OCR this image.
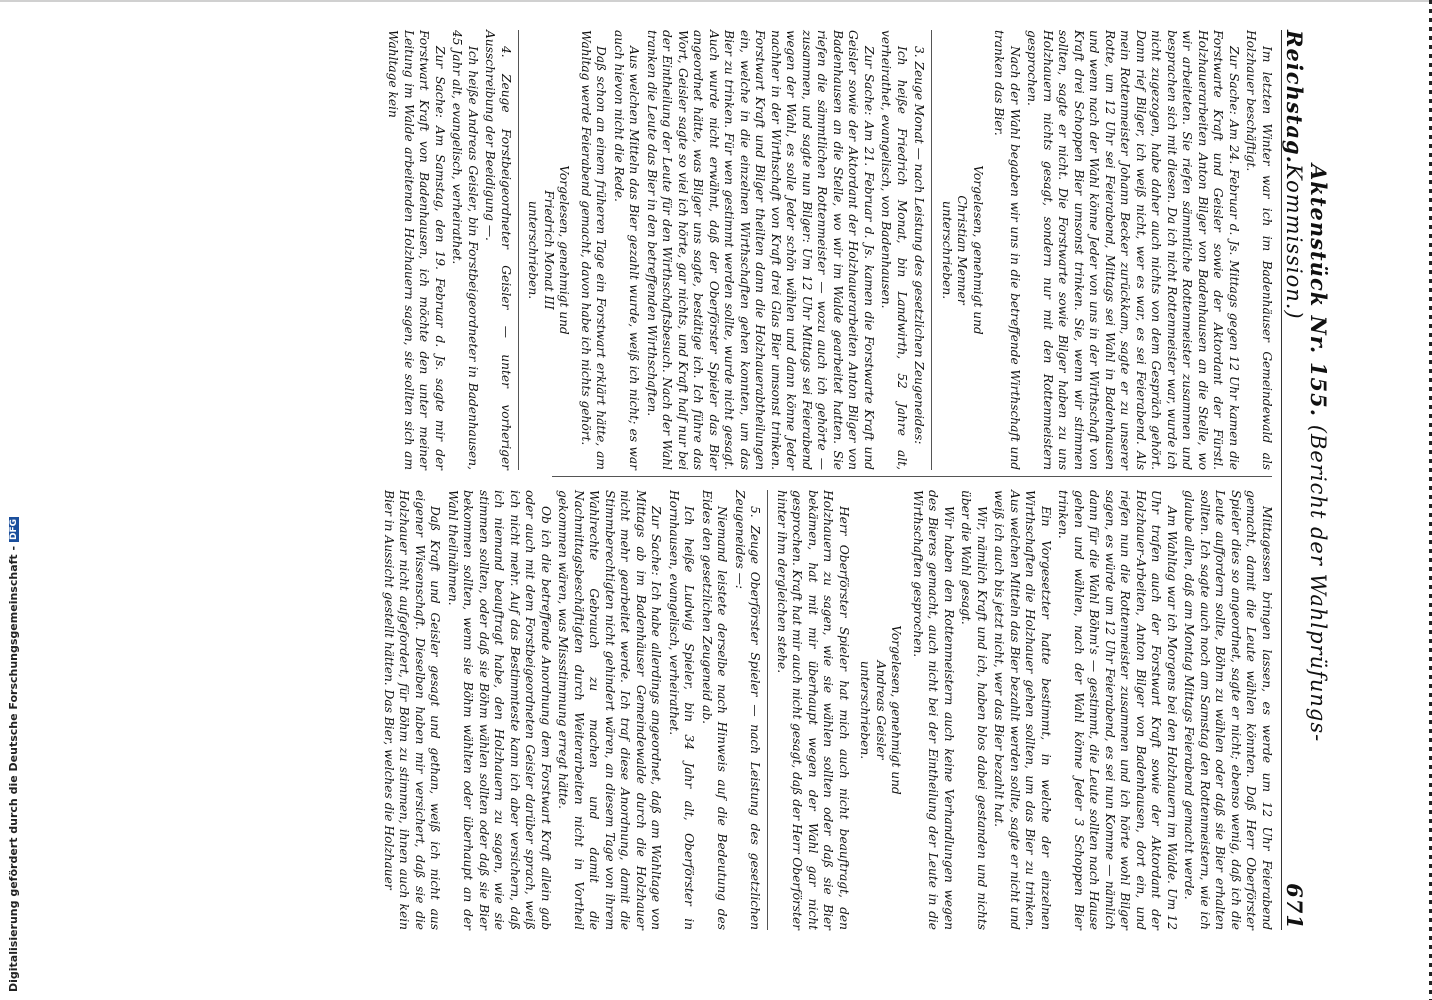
Digitalisierung gefördert durch die Deutsche Forschungsgemeinschaft -DFG
Reichstag.
Aktenstück Nr. 155. (Bericht der Wahlprüfungs-Kommission.)
671

Im letzten Winter war ich im Badenhäuser Gemeindewald als Holzhauer beschäftigt.

Zur Sache: Am 24. Februar d. Js. Mittags gegen 12 Uhr kamen die Forstwarte Kraft und Geisler sowie der Aktordant der Fürstl. Holzhauerarbeiten Anton Bilger von Badenhausen an die Stelle, wo wir arbeiteten. Sie riefen sämmtliche Rottenmeister zusammen und besprachen sich mit diesen. Da ich nicht Rottenmeister war, wurde ich nicht zugezogen, habe daher auch nichts von dem Gespräch gehört. Dann rief Bilger, ich weiß nicht, wer es war, es sei Feierabend. Als mein Rottenmeister Johann Becker zurückkam, sagte er zu unserer Rotte, um 12 Uhr sei Feierabend, Mittags sei Wahl in Badenhausen und wenn nach der Wahl könne Jeder von uns in der Wirthschaft von Kraft drei Schoppen Bier umsonst trinken. Sie, wenn wir stimmen sollten, sagte er nicht. Die Forstwarte sowie Bilger haben zu uns Holzhauern nichts gesagt, sondern nur mit den Rottenmeistern gesprochen.

Nach der Wahl begaben wir uns in die betreffende Wirthschaft und tranken das Bier.

Vorgelesen, genehmigt und
Christian Menner
unterschrieben.

3. Zeuge Monat — nach Leistung des gesetzlichen Zeugeneides:

Ich heiße Friedrich Monat, bin Landwirth, 52 Jahre alt, verheirathet, evangelisch, von Badenhausen.

Zur Sache: Am 21. Februar d. Js. kamen die Forstwarte Kraft und Geisler sowie der Aktordant der Holzhauerarbeiten Anton Bilger von Badenhausen an die Stelle, wo wir im Walde gearbeitet hatten. Sie riefen die sämmtlichen Rottenmeister — wozu auch ich gehörte — zusammen, und sagte nun Bilger: Um 12 Uhr Mittags sei Feierabend wegen der Wahl, es solle Jeder schön wählen und dann könne Jeder nachher in der Wirthschaft von Kraft drei Glas Bier umsonst trinken. Forstwart Kraft und Bilger theilten dann die Holzhauerabtheilungen ein, welche in die einzelnen Wirthschaften gehen konnten, um das Bier zu trinken. Für wen gestimmt werden sollte, wurde nicht gesagt. Auch wurde nicht erwähnt, daß der Oberförster Spieler das Bier angeordnet hätte, was Bilger uns sagte, bestätige ich. Ich führe das Wort, Geisler sagte so viel ich hörte, gar nichts, und Kraft half nur bei der Eintheilung der Leute für den Wirthschaftsbesuch. Nach der Wahl tranken die Leute das Bier in den betreffenden Wirthschaften.

Aus welchen Mitteln das Bier gezahlt wurde, weiß ich nicht; es war auch hievon nicht die Rede.

Daß schon an einem früheren Tage ein Forstwart erklärt hätte, am Wahltag werde Feierabend gemacht, davon habe ich nichts gehört.

Vorgelesen, genehmigt und
Friedrich Monat III
unterschrieben.

4. Zeuge Forstbeigeordneter Geisler — unter vorheriger Ausschreibung der Beeidigung —.

Ich heiße Andreas Geisler, bin Forstbeigeordneter in Badenhausen, 45 Jahr alt, evangelisch, verheirathet.

Zur Sache: Am Samstag, den 19. Februar d. Js. sagte mir der Forstwart Kraft von Badenhausen, ich möchte den unter meiner Leitung im Walde arbeitenden Holzhauern sagen, sie sollten sich am Wahltage kein

Mittagessen bringen lassen, es werde um 12 Uhr Feierabend gemacht, damit die Leute wählen könnten. Daß Herr Oberförster Spieler dies so angeordnet, sagte er nicht; ebenso wenig, daß ich die Leute auffordern sollte, Böhm zu wählen oder daß sie Bier erhalten sollten. Ich sagte auch noch am Samstag den Rottenmeistern, wie ich glaube allen, daß am Montag Mittags Feierabend gemacht werde.

Am Wahltag war ich Morgens bei den Holzhauern im Walde. Um 12 Uhr trafen auch der Forstwart Kraft sowie der Aktordant der Holzhauer-Arbeiten, Anton Bilger von Badenhausen, dort ein, und riefen nun die Rottenmeister zusammen und ich hörte wohl Bilger sagen, es würde um 12 Uhr Feierabend, es sei nun Komme — nämlich dann für die Wahl Böhm's — gestimmt, die Leute sollten nach Hause gehen und wählen, nach der Wahl könne Jeder 3 Schoppen Bier trinken.

Ein Vorgesetzter hatte bestimmt, in welche der einzelnen Wirthschaften die Holzhauer gehen sollten, um das Bier zu trinken. Aus welchen Mitteln das Bier bezahlt werden sollte, sagte er nicht und weiß ich auch bis jetzt nicht, wer das Bier bezahlt hat.

Wir, nämlich Kraft und ich, haben blos dabei gestanden und nichts über die Wahl gesagt.

Wir haben den Rottenmeistern auch keine Verhandlungen wegen des Bieres gemacht, auch nicht bei der Eintheilung der Leute in die Wirthschaften gesprochen.

Vorgelesen, genehmigt und
Andreas Geisler
unterschrieben.

Herr Oberförster Spieler hat mich auch nicht beauftragt, den Holzhauern zu sagen, wie sie wählen sollten oder daß sie Bier bekämen, hat mit mir überhaupt wegen der Wahl gar nicht gesprochen. Kraft hat mir auch nicht gesagt, daß der Herr Oberförster hinter ihm dergleichen stehe.

5. Zeuge Oberförster Spieler — nach Leistung des gesetzlichen Zeugeneides —:

Niemand leistete derselbe nach Hinweis auf die Bedeutung des Eides den gesetzlichen Zeugeneid ab.

Ich heiße Ludwig Spieler, bin 34 Jahr alt, Oberförster in Hornhausen, evangelisch, verheirathet.

Zur Sache: Ich habe allerdings angeordnet, daß am Wahltage von Mittags ab im Badenhäuser Gemeindewalde durch die Holzhauer nicht mehr gearbeitet werde. Ich traf diese Anordnung, damit die Stimmberechtigten nicht gehindert wären, an diesem Tage von ihrem Wahlrechte Gebrauch zu machen und damit die Nachmittagsbeschäftigten durch Weiterarbeiten nicht in Vortheil gekommen wären, was Missstimmung erregt hätte.

Ob ich die betreffende Anordnung dem Forstwart Kraft allein gab oder auch mit dem Forstbeigeordneten Geisler darüber sprach, weiß ich nicht mehr. Auf das Bestimmteste kann ich aber versichern, daß ich niemand beauftragt habe, den Holzhauern zu sagen, wie sie stimmen sollten, oder daß sie Böhm wählen sollten oder daß sie Bier bekommen sollten, wenn sie Böhm wählten oder überhaupt an der Wahl theilnähmen.

Daß Kraft und Geisler gesagt und gethan, weiß ich nicht aus eigener Wissenschaft. Dieselben haben mir versichert, daß sie die Holzhauer nicht aufgefordert, für Böhm zu stimmen, ihnen auch kein Bier in Aussicht gestellt hätten. Das Bier, welches die Holzhauer
